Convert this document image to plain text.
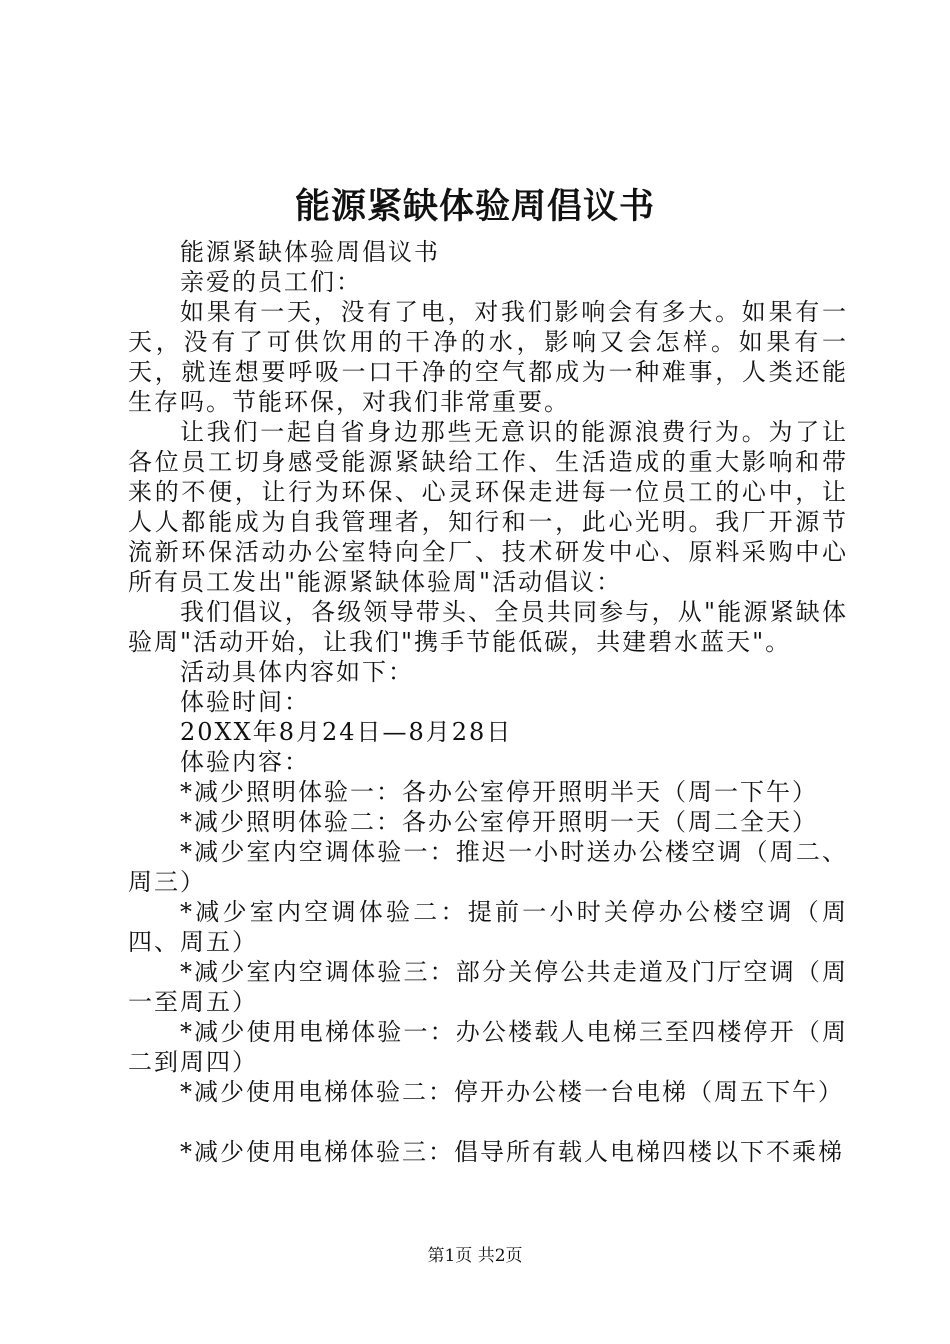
能源紧缺体验周倡议书

能源紧缺体验周倡议书

亲爱的员工们：

如果有一天，没有了电，对我们影响会有多大。如果有一天，没有了可供饮用的干净的水，影响又会怎样。如果有一天，就连想要呼吸一口干净的空气都成为一种难事，人类还能生存吗。节能环保，对我们非常重要。

让我们一起自省身边那些无意识的能源浪费行为。为了让各位员工切身感受能源紧缺给工作、生活造成的重大影响和带来的不便，让行为环保、心灵环保走进每一位员工的心中，让人人都能成为自我管理者，知行和一，此心光明。我厂开源节流新环保活动办公室特向全厂、技术研发中心、原料采购中心所有员工发出"能源紧缺体验周"活动倡议：

我们倡议，各级领导带头、全员共同参与，从"能源紧缺体验周"活动开始，让我们"携手节能低碳，共建碧水蓝天"。

活动具体内容如下：

体验时间：

20XX年8月24日—8月28日

体验内容：

*减少照明体验一：各办公室停开照明半天（周一下午）

*减少照明体验二：各办公室停开照明一天（周二全天）

*减少室内空调体验一：推迟一小时送办公楼空调（周二、周三）

*减少室内空调体验二：提前一小时关停办公楼空调（周四、周五）

*减少室内空调体验三：部分关停公共走道及门厅空调（周一至周五）

*减少使用电梯体验一：办公楼载人电梯三至四楼停开（周二到周四）

*减少使用电梯体验二：停开办公楼一台电梯（周五下午）

*减少使用电梯体验三：倡导所有载人电梯四楼以下不乘梯

第1页 共2页
